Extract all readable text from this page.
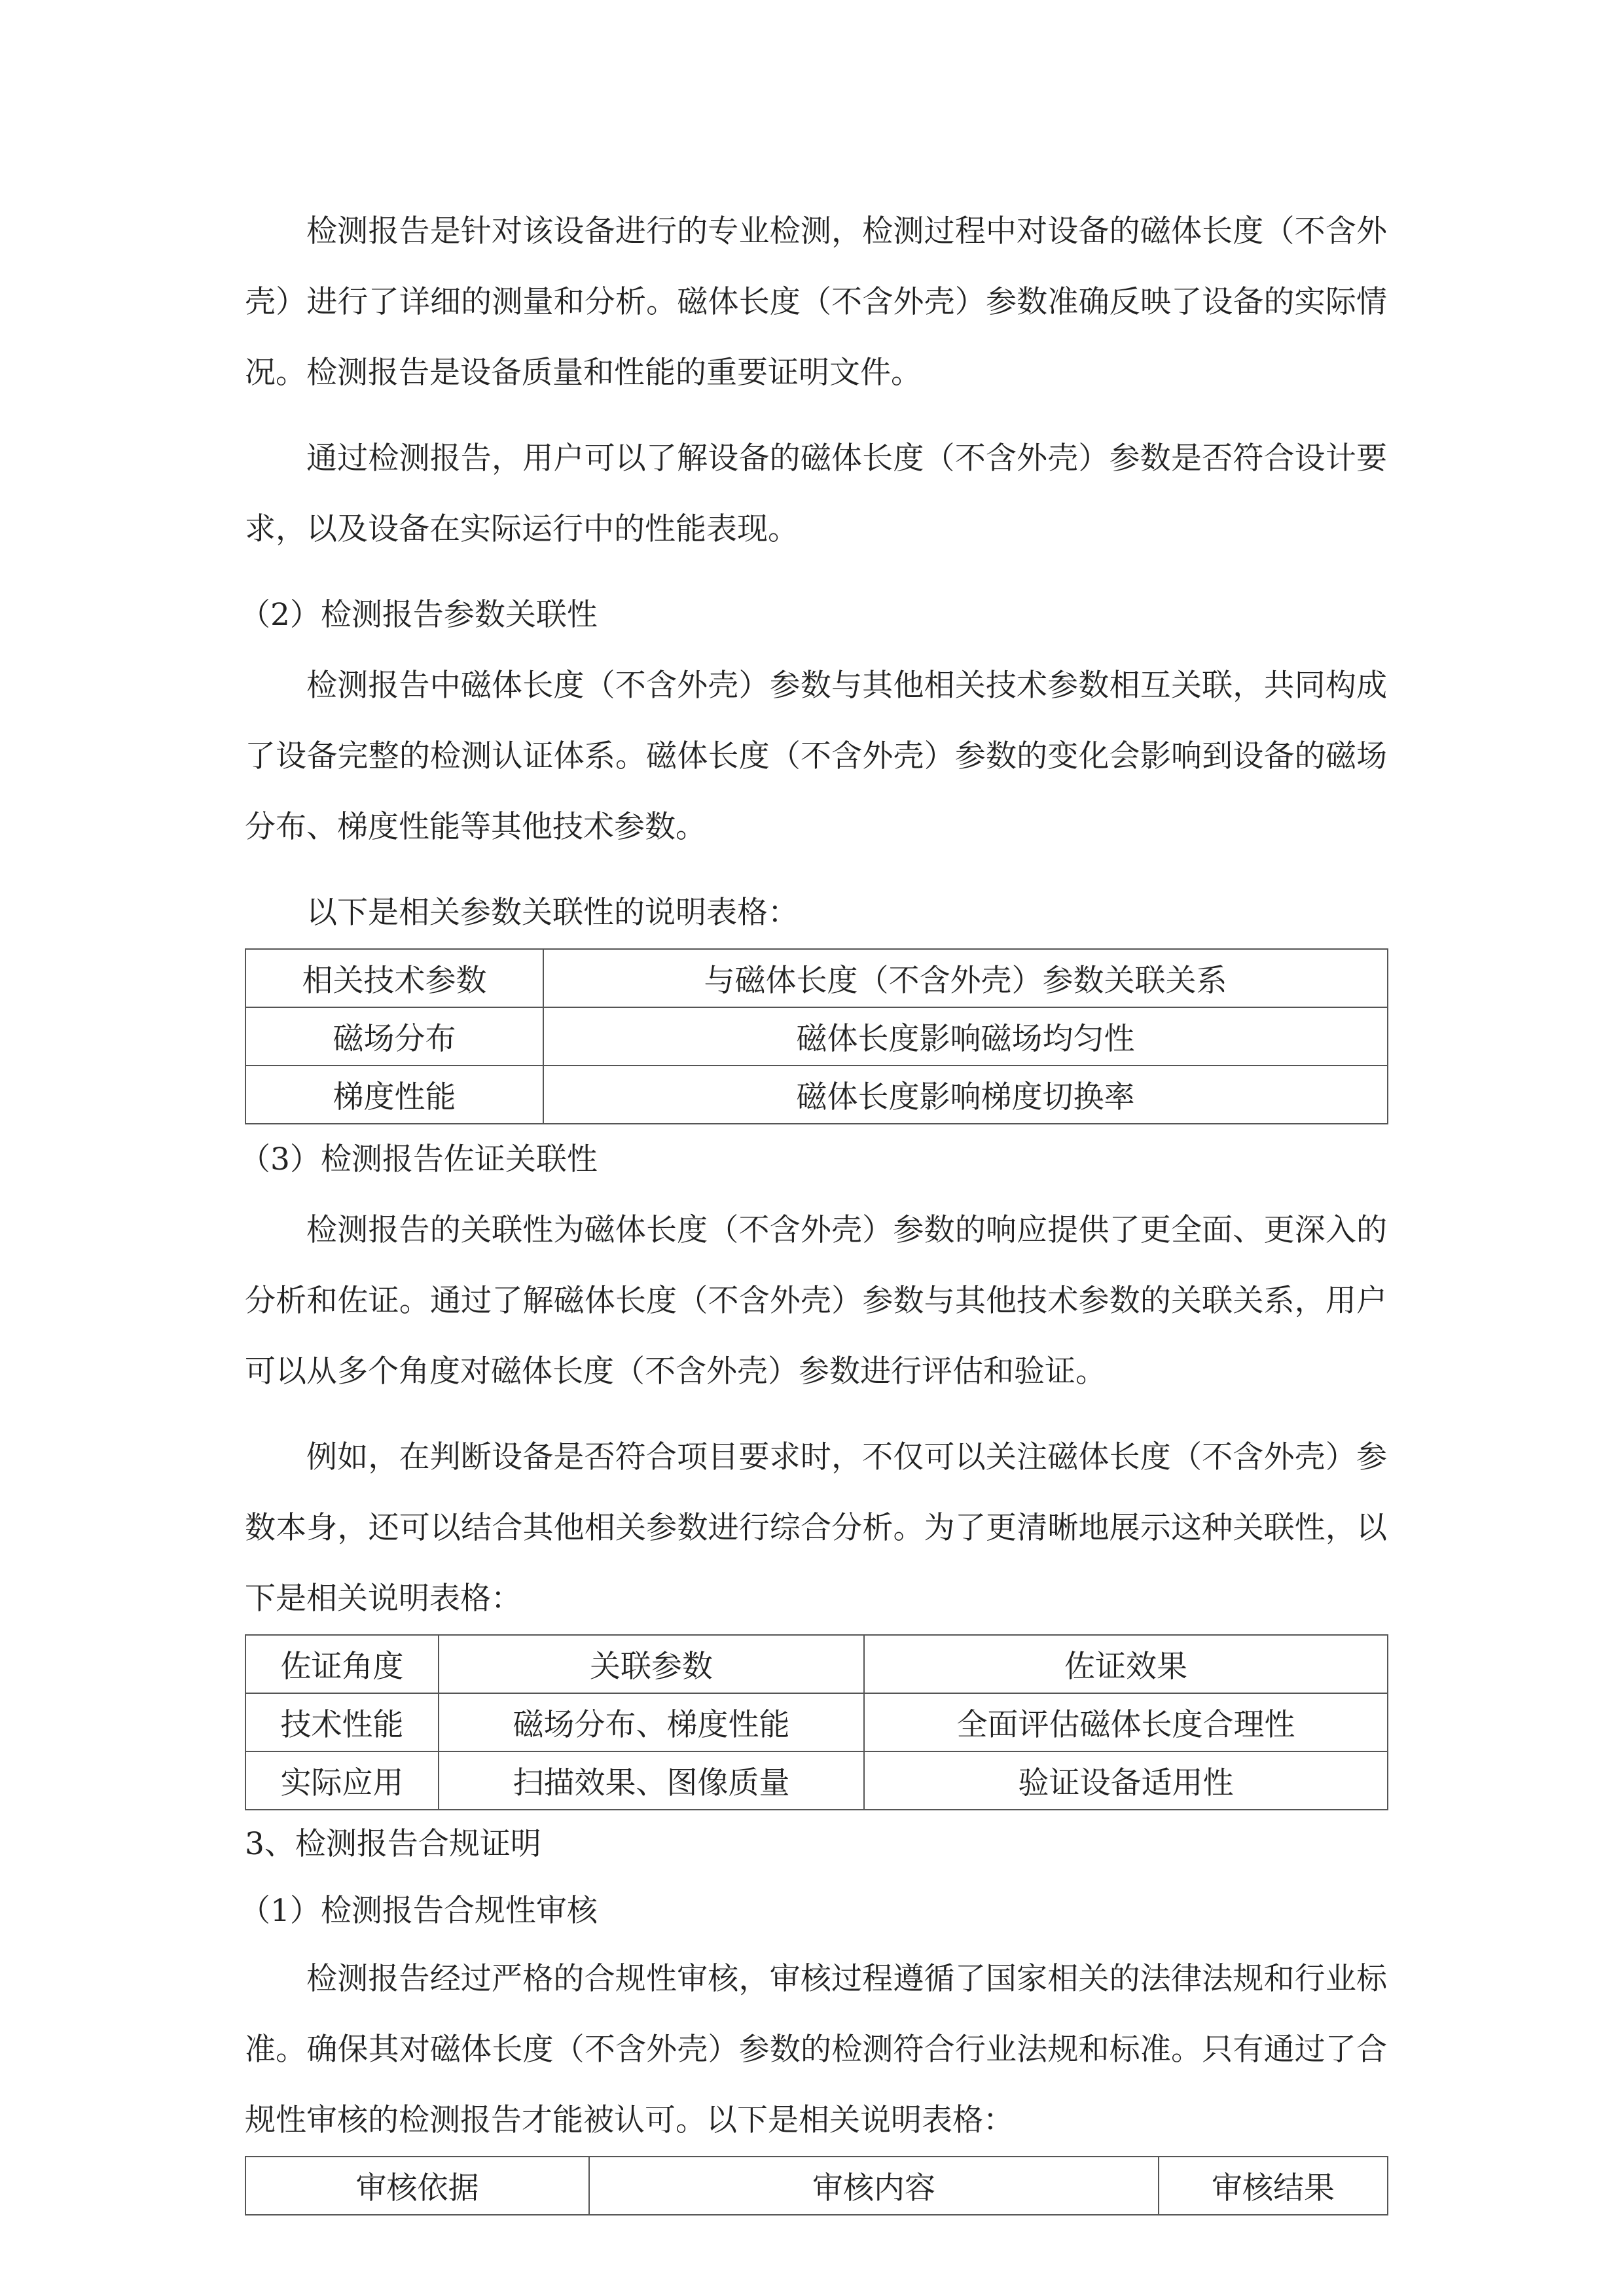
检测报告是针对该设备进行的专业检测，检测过程中对设备的磁体长度（不含外壳）进行了详细的测量和分析。磁体长度（不含外壳）参数准确反映了设备的实际情况。检测报告是设备质量和性能的重要证明文件。

通过检测报告，用户可以了解设备的磁体长度（不含外壳）参数是否符合设计要求，以及设备在实际运行中的性能表现。

（2）检测报告参数关联性

检测报告中磁体长度（不含外壳）参数与其他相关技术参数相互关联，共同构成了设备完整的检测认证体系。磁体长度（不含外壳）参数的变化会影响到设备的磁场分布、梯度性能等其他技术参数。

以下是相关参数关联性的说明表格：

相关技术参数	与磁体长度（不含外壳）参数关联关系
磁场分布	磁体长度影响磁场均匀性
梯度性能	磁体长度影响梯度切换率

（3）检测报告佐证关联性

检测报告的关联性为磁体长度（不含外壳）参数的响应提供了更全面、更深入的分析和佐证。通过了解磁体长度（不含外壳）参数与其他技术参数的关联关系，用户可以从多个角度对磁体长度（不含外壳）参数进行评估和验证。

例如，在判断设备是否符合项目要求时，不仅可以关注磁体长度（不含外壳）参数本身，还可以结合其他相关参数进行综合分析。为了更清晰地展示这种关联性，以下是相关说明表格：

佐证角度	关联参数	佐证效果
技术性能	磁场分布、梯度性能	全面评估磁体长度合理性
实际应用	扫描效果、图像质量	验证设备适用性

3、检测报告合规证明

（1）检测报告合规性审核

检测报告经过严格的合规性审核，审核过程遵循了国家相关的法律法规和行业标准。确保其对磁体长度（不含外壳）参数的检测符合行业法规和标准。只有通过了合规性审核的检测报告才能被认可。以下是相关说明表格：

审核依据	审核内容	审核结果
